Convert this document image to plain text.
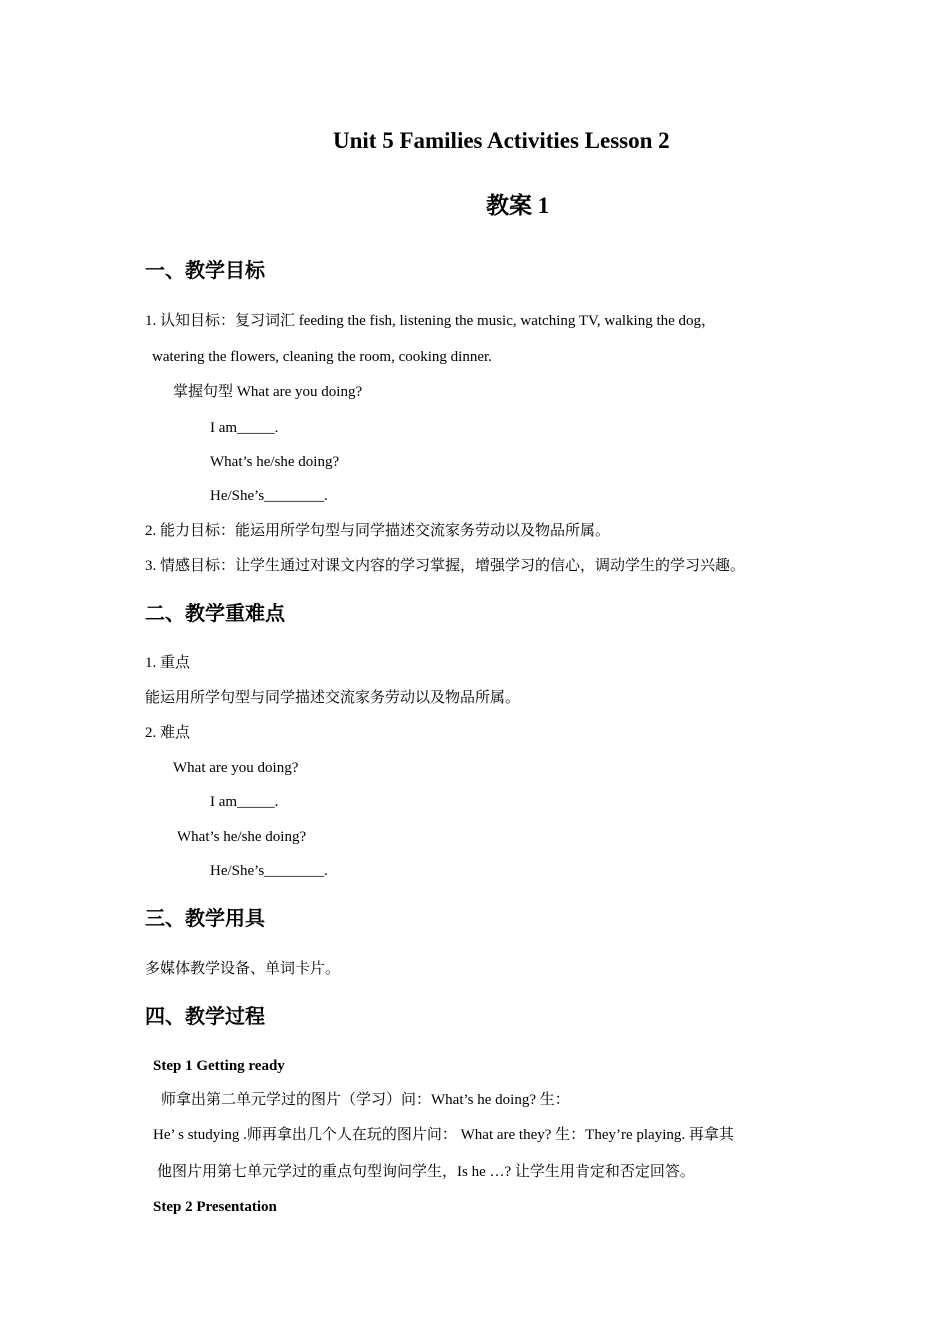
Unit 5 Families Activities Lesson 2
教案 1
一、教学目标
1. 认知目标：复习词汇 feeding the fish, listening the music, watching TV, walking the dog，
watering the flowers, cleaning the room, cooking dinner.
掌握句型 What are you doing?
I am_____.
What’s he/she doing?
He/She’s________.
2. 能力目标：能运用所学句型与同学描述交流家务劳动以及物品所属。
3. 情感目标：让学生通过对课文内容的学习掌握，增强学习的信心，调动学生的学习兴趣。
二、教学重难点
1. 重点
能运用所学句型与同学描述交流家务劳动以及物品所属。
2. 难点
What are you doing?
I am_____.
What’s he/she doing?
He/She’s________.
三、教学用具
多媒体教学设备、单词卡片。
四、教学过程
Step 1 Getting ready
师拿出第二单元学过的图片（学习）问：What’s he doing? 生：
He’ s studying .师再拿出几个人在玩的图片问： What are they? 生：They’re playing. 再拿其
他图片用第七单元学过的重点句型询问学生，Is he …? 让学生用肯定和否定回答。
Step 2 Presentation
